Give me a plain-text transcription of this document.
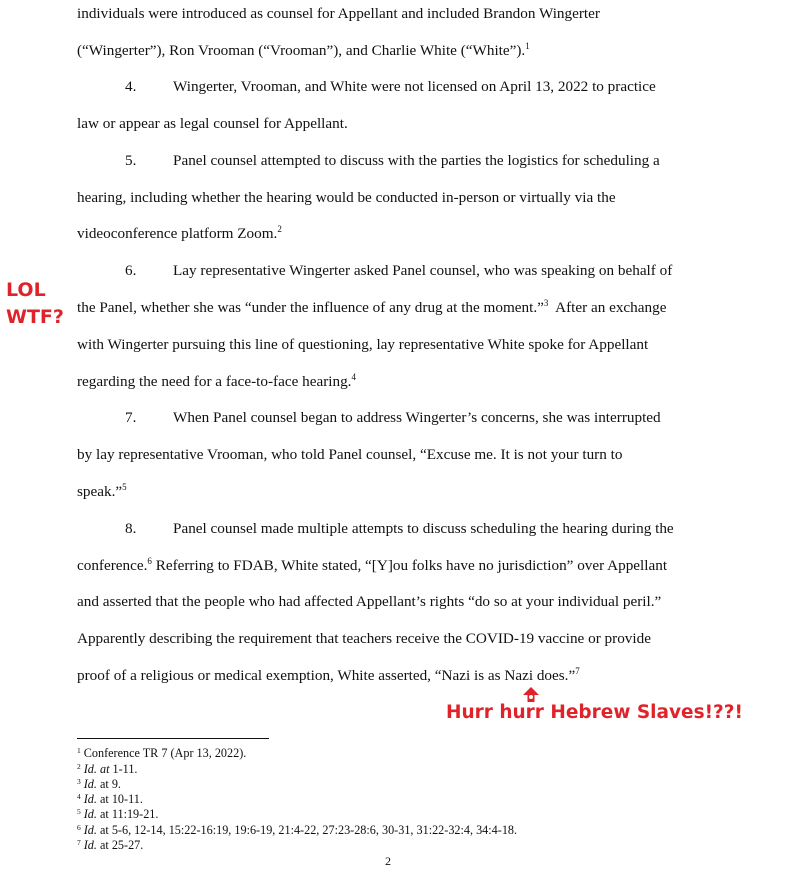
individuals were introduced as counsel for Appellant and included Brandon Wingerter
(“Wingerter”), Ron Vrooman (“Vrooman”), and Charlie White (“White”).$^1$
4. Wingerter, Vrooman, and White were not licensed on April 13, 2022 to practice
law or appear as legal counsel for Appellant.
5. Panel counsel attempted to discuss with the parties the logistics for scheduling a
hearing, including whether the hearing would be conducted in-person or virtually via the
videoconference platform Zoom.$^2$
6. Lay representative Wingerter asked Panel counsel, who was speaking on behalf of
the Panel, whether she was “under the influence of any drug at the moment.”$^3$ After an exchange
with Wingerter pursuing this line of questioning, lay representative White spoke for Appellant
regarding the need for a face-to-face hearing.$^4$
7. When Panel counsel began to address Wingerter’s concerns, she was interrupted
by lay representative Vrooman, who told Panel counsel, “Excuse me. It is not your turn to
speak.”$^5$
8. Panel counsel made multiple attempts to discuss scheduling the hearing during the
conference.$^6$ Referring to FDAB, White stated, “[Y]ou folks have no jurisdiction” over Appellant
and asserted that the people who had affected Appellant’s rights “do so at your individual peril.”
Apparently describing the requirement that teachers receive the COVID-19 vaccine or provide
proof of a religious or medical exemption, White asserted, “Nazi is as Nazi does.”$^7$
LOL
WTF?
Hurr hurr Hebrew Slaves!??!
$^1$ Conference TR 7 (Apr 13, 2022).
$^2$ Id. at 1-11.
$^3$ Id. at 9.
$^4$ Id. at 10-11.
$^5$ Id. at 11:19-21.
$^6$ Id. at 5-6, 12-14, 15:22-16:19, 19:6-19, 21:4-22, 27:23-28:6, 30-31, 31:22-32:4, 34:4-18.
$^7$ Id. at 25-27.
2
